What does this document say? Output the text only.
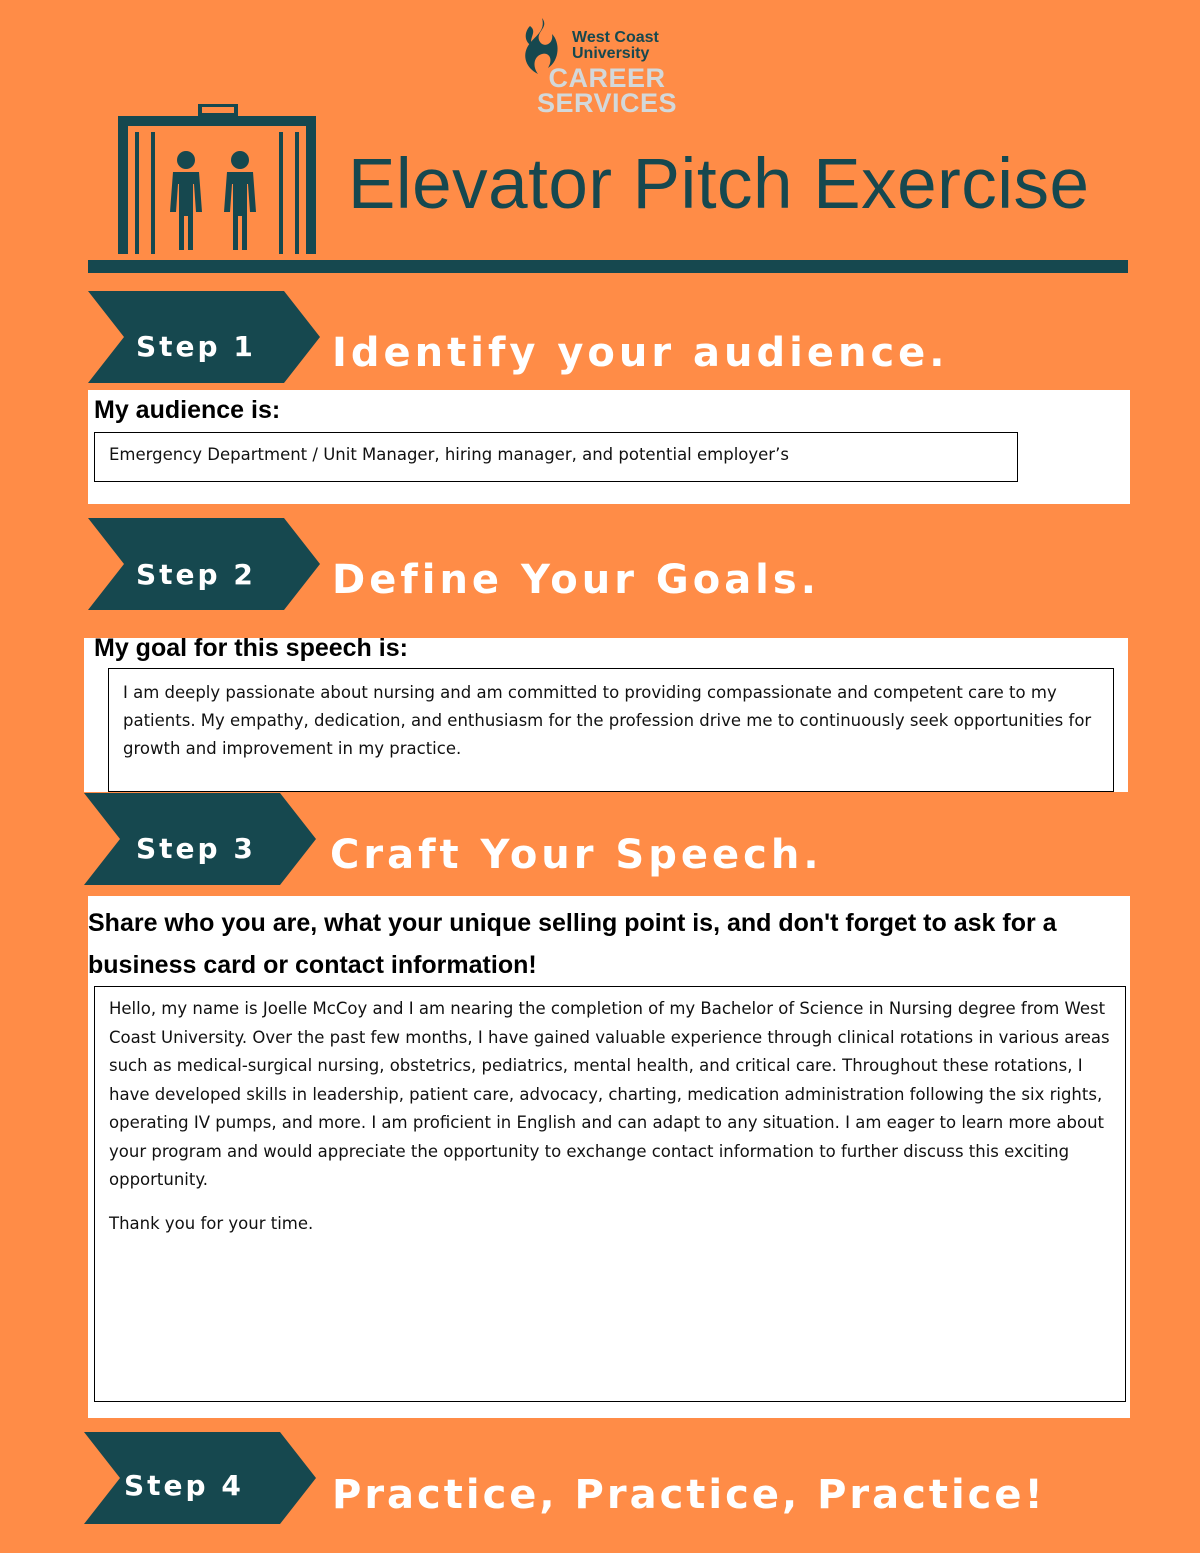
West Coast
University
CAREER
SERVICES
Elevator Pitch Exercise
Step 1 Identify your audience.
My audience is:

Emergency Department / Unit Manager, hiring manager, and potential employer’s

Step 2 Define Your Goals.
My goal for this speech is:

I am deeply passionate about nursing and am committed to providing compassionate and competent care to my patients. My empathy, dedication, and enthusiasm for the profession drive me to continuously seek opportunities for growth and improvement in my practice.

Step 3 Craft Your Speech.
Share who you are, what your unique selling point is, and don't forget to ask for a business card or contact information!

Hello, my name is Joelle McCoy and I am nearing the completion of my Bachelor of Science in Nursing degree from West Coast University. Over the past few months, I have gained valuable experience through clinical rotations in various areas such as medical-surgical nursing, obstetrics, pediatrics, mental health, and critical care. Throughout these rotations, I have developed skills in leadership, patient care, advocacy, charting, medication administration following the six rights, operating IV pumps, and more. I am proficient in English and can adapt to any situation. I am eager to learn more about your program and would appreciate the opportunity to exchange contact information to further discuss this exciting opportunity.

Thank you for your time.

Step 4 Practice, Practice, Practice!
